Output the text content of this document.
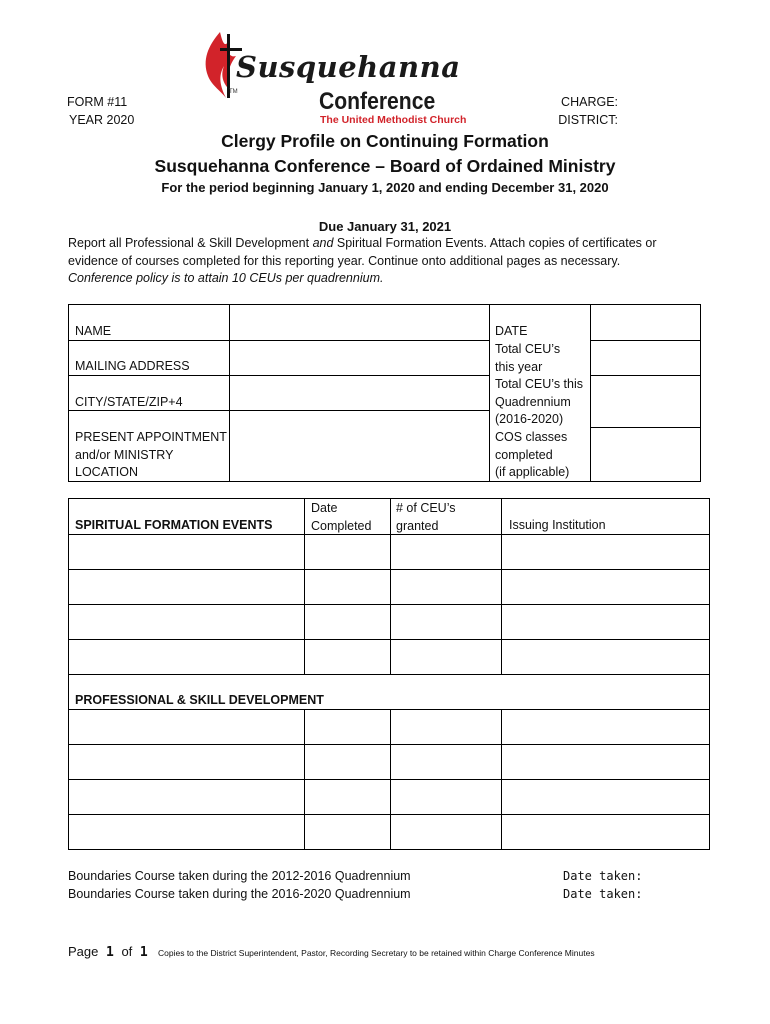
Susquehanna
Conference
The United Methodist Church
TM
FORM #11
YEAR 2020
CHARGE:
DISTRICT:
Clergy Profile on Continuing Formation
Susquehanna Conference – Board of Ordained Ministry
For the period beginning January 1, 2020 and ending December 31, 2020
Due January 31, 2021
Report all Professional & Skill Development and Spiritual Formation Events. Attach copies of certificates or evidence of courses completed for this reporting year. Continue onto additional pages as necessary.
Conference policy is to attain 10 CEUs per quadrennium.
NAME
MAILING ADDRESS
CITY/STATE/ZIP+4
PRESENT APPOINTMENT
and/or MINISTRY
LOCATION
DATE
Total CEU’s
this year
Total CEU’s this
Quadrennium
(2016-2020)
COS classes
completed
(if applicable)
SPIRITUAL FORMATION EVENTS
Date
Completed
# of CEU’s
granted	Issuing Institution
PROFESSIONAL & SKILL DEVELOPMENT
Boundaries Course taken during the 2012-2016 Quadrennium
Boundaries Course taken during the 2016-2020 Quadrennium
Date taken:
Date taken:
Page 1 of 1	Copies to the District Superintendent, Pastor, Recording Secretary to be retained within Charge Conference Minutes
